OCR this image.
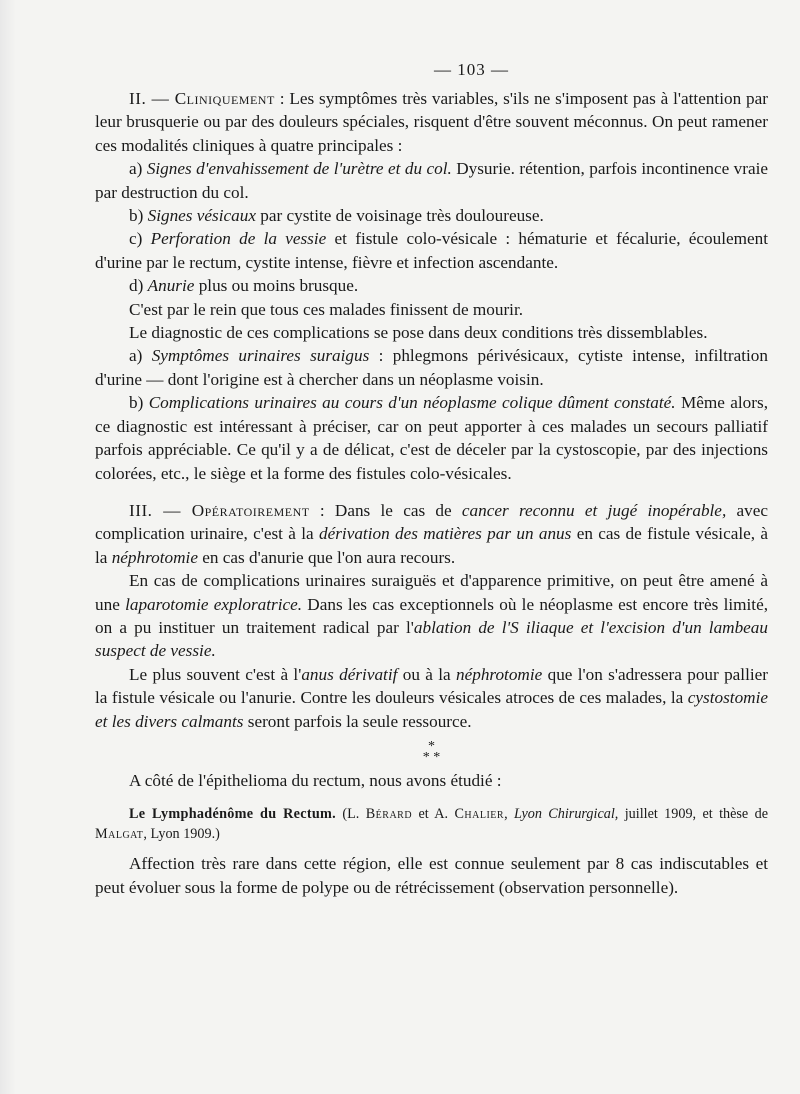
— 103 —

II. — Cliniquement : Les symptômes très variables, s'ils ne s'imposent pas à l'attention par leur brusquerie ou par des douleurs spéciales, risquent d'être souvent méconnus. On peut ramener ces modalités cliniques à quatre principales :

a) Signes d'envahissement de l'urètre et du col. Dysurie. rétention, parfois incontinence vraie par destruction du col.

b) Signes vésicaux par cystite de voisinage très douloureuse.

c) Perforation de la vessie et fistule colo-vésicale : hématurie et fécalurie, écoulement d'urine par le rectum, cystite intense, fièvre et infection ascendante.

d) Anurie plus ou moins brusque.

C'est par le rein que tous ces malades finissent de mourir.

Le diagnostic de ces complications se pose dans deux conditions très dissemblables.

a) Symptômes urinaires suraigus : phlegmons périvésicaux, cytiste intense, infiltration d'urine — dont l'origine est à chercher dans un néoplasme voisin.

b) Complications urinaires au cours d'un néoplasme colique dûment constaté. Même alors, ce diagnostic est intéressant à préciser, car on peut apporter à ces malades un secours palliatif parfois appréciable. Ce qu'il y a de délicat, c'est de déceler par la cystoscopie, par des injections colorées, etc., le siège et la forme des fistules colo-vésicales.

III. — Opératoirement : Dans le cas de cancer reconnu et jugé inopérable, avec complication urinaire, c'est à la dérivation des matières par un anus en cas de fistule vésicale, à la néphrotomie en cas d'anurie que l'on aura recours.

En cas de complications urinaires suraiguës et d'apparence primitive, on peut être amené à une laparotomie exploratrice. Dans les cas exceptionnels où le néoplasme est encore très limité, on a pu instituer un traitement radical par l'ablation de l'S iliaque et l'excision d'un lambeau suspect de vessie.

Le plus souvent c'est à l'anus dérivatif ou à la néphrotomie que l'on s'adressera pour pallier la fistule vésicale ou l'anurie. Contre les douleurs vésicales atroces de ces malades, la cystostomie et les divers calmants seront parfois la seule ressource.

*
* *

A côté de l'épithelioma du rectum, nous avons étudié :

Le Lymphadénôme du Rectum. (L. Bérard et A. Chalier, Lyon Chirurgical, juillet 1909, et thèse de Malgat, Lyon 1909.)

Affection très rare dans cette région, elle est connue seulement par 8 cas indiscutables et peut évoluer sous la forme de polype ou de rétrécissement (observation personnelle).
